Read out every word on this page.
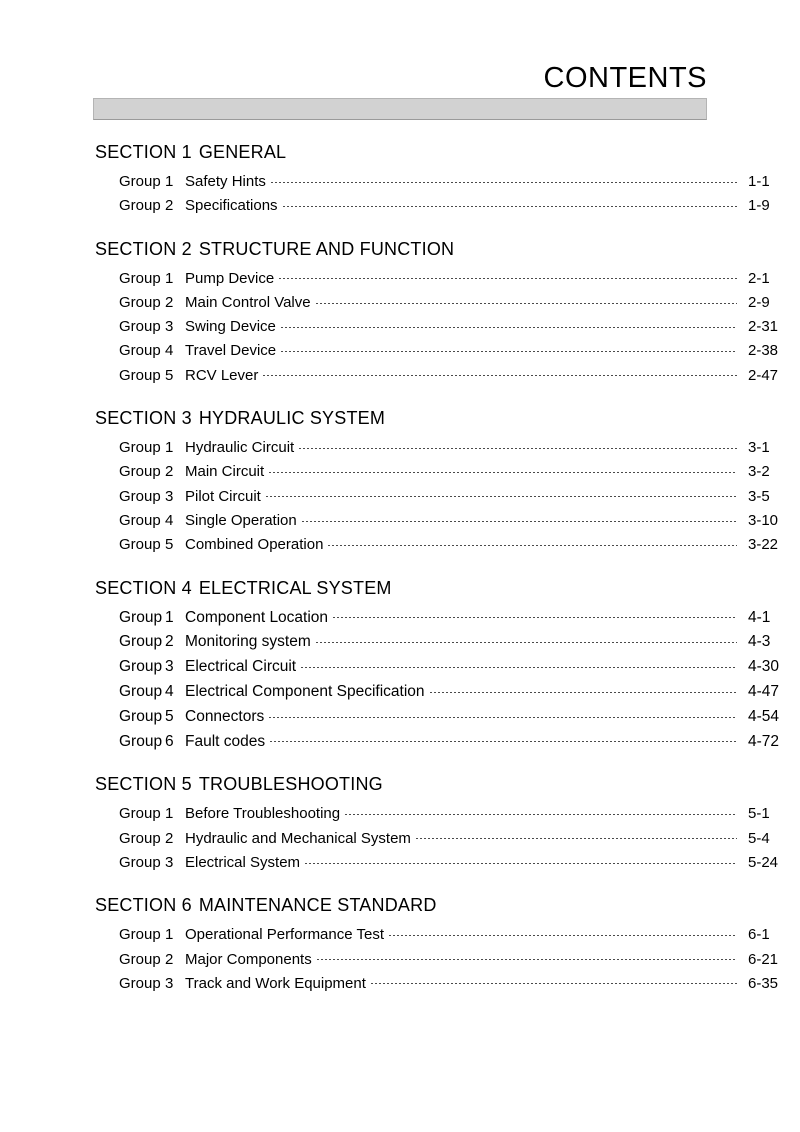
CONTENTS
SECTION 1 GENERAL
Group 1 Safety Hints	1-1
Group 2 Specifications	1-9
SECTION 2 STRUCTURE AND FUNCTION
Group 1 Pump Device	2-1
Group 2 Main Control Valve	2-9
Group 3 Swing Device	2-31
Group 4 Travel Device	2-38
Group 5 RCV Lever	2-47
SECTION 3 HYDRAULIC SYSTEM
Group 1 Hydraulic Circuit	3-1
Group 2 Main Circuit	3-2
Group 3 Pilot Circuit	3-5
Group 4 Single Operation	3-10
Group 5 Combined Operation	3-22
SECTION 4 ELECTRICAL SYSTEM
Group 1 Component Location	4-1
Group 2 Monitoring system	4-3
Group 3 Electrical Circuit	4-30
Group 4 Electrical Component Specification	4-47
Group 5 Connectors	4-54
Group 6 Fault codes	4-72
SECTION 5 TROUBLESHOOTING
Group 1 Before Troubleshooting	5-1
Group 2 Hydraulic and Mechanical System	5-4
Group 3 Electrical System	5-24
SECTION 6 MAINTENANCE STANDARD
Group 1 Operational Performance Test	6-1
Group 2 Major Components	6-21
Group 3 Track and Work Equipment	6-35
